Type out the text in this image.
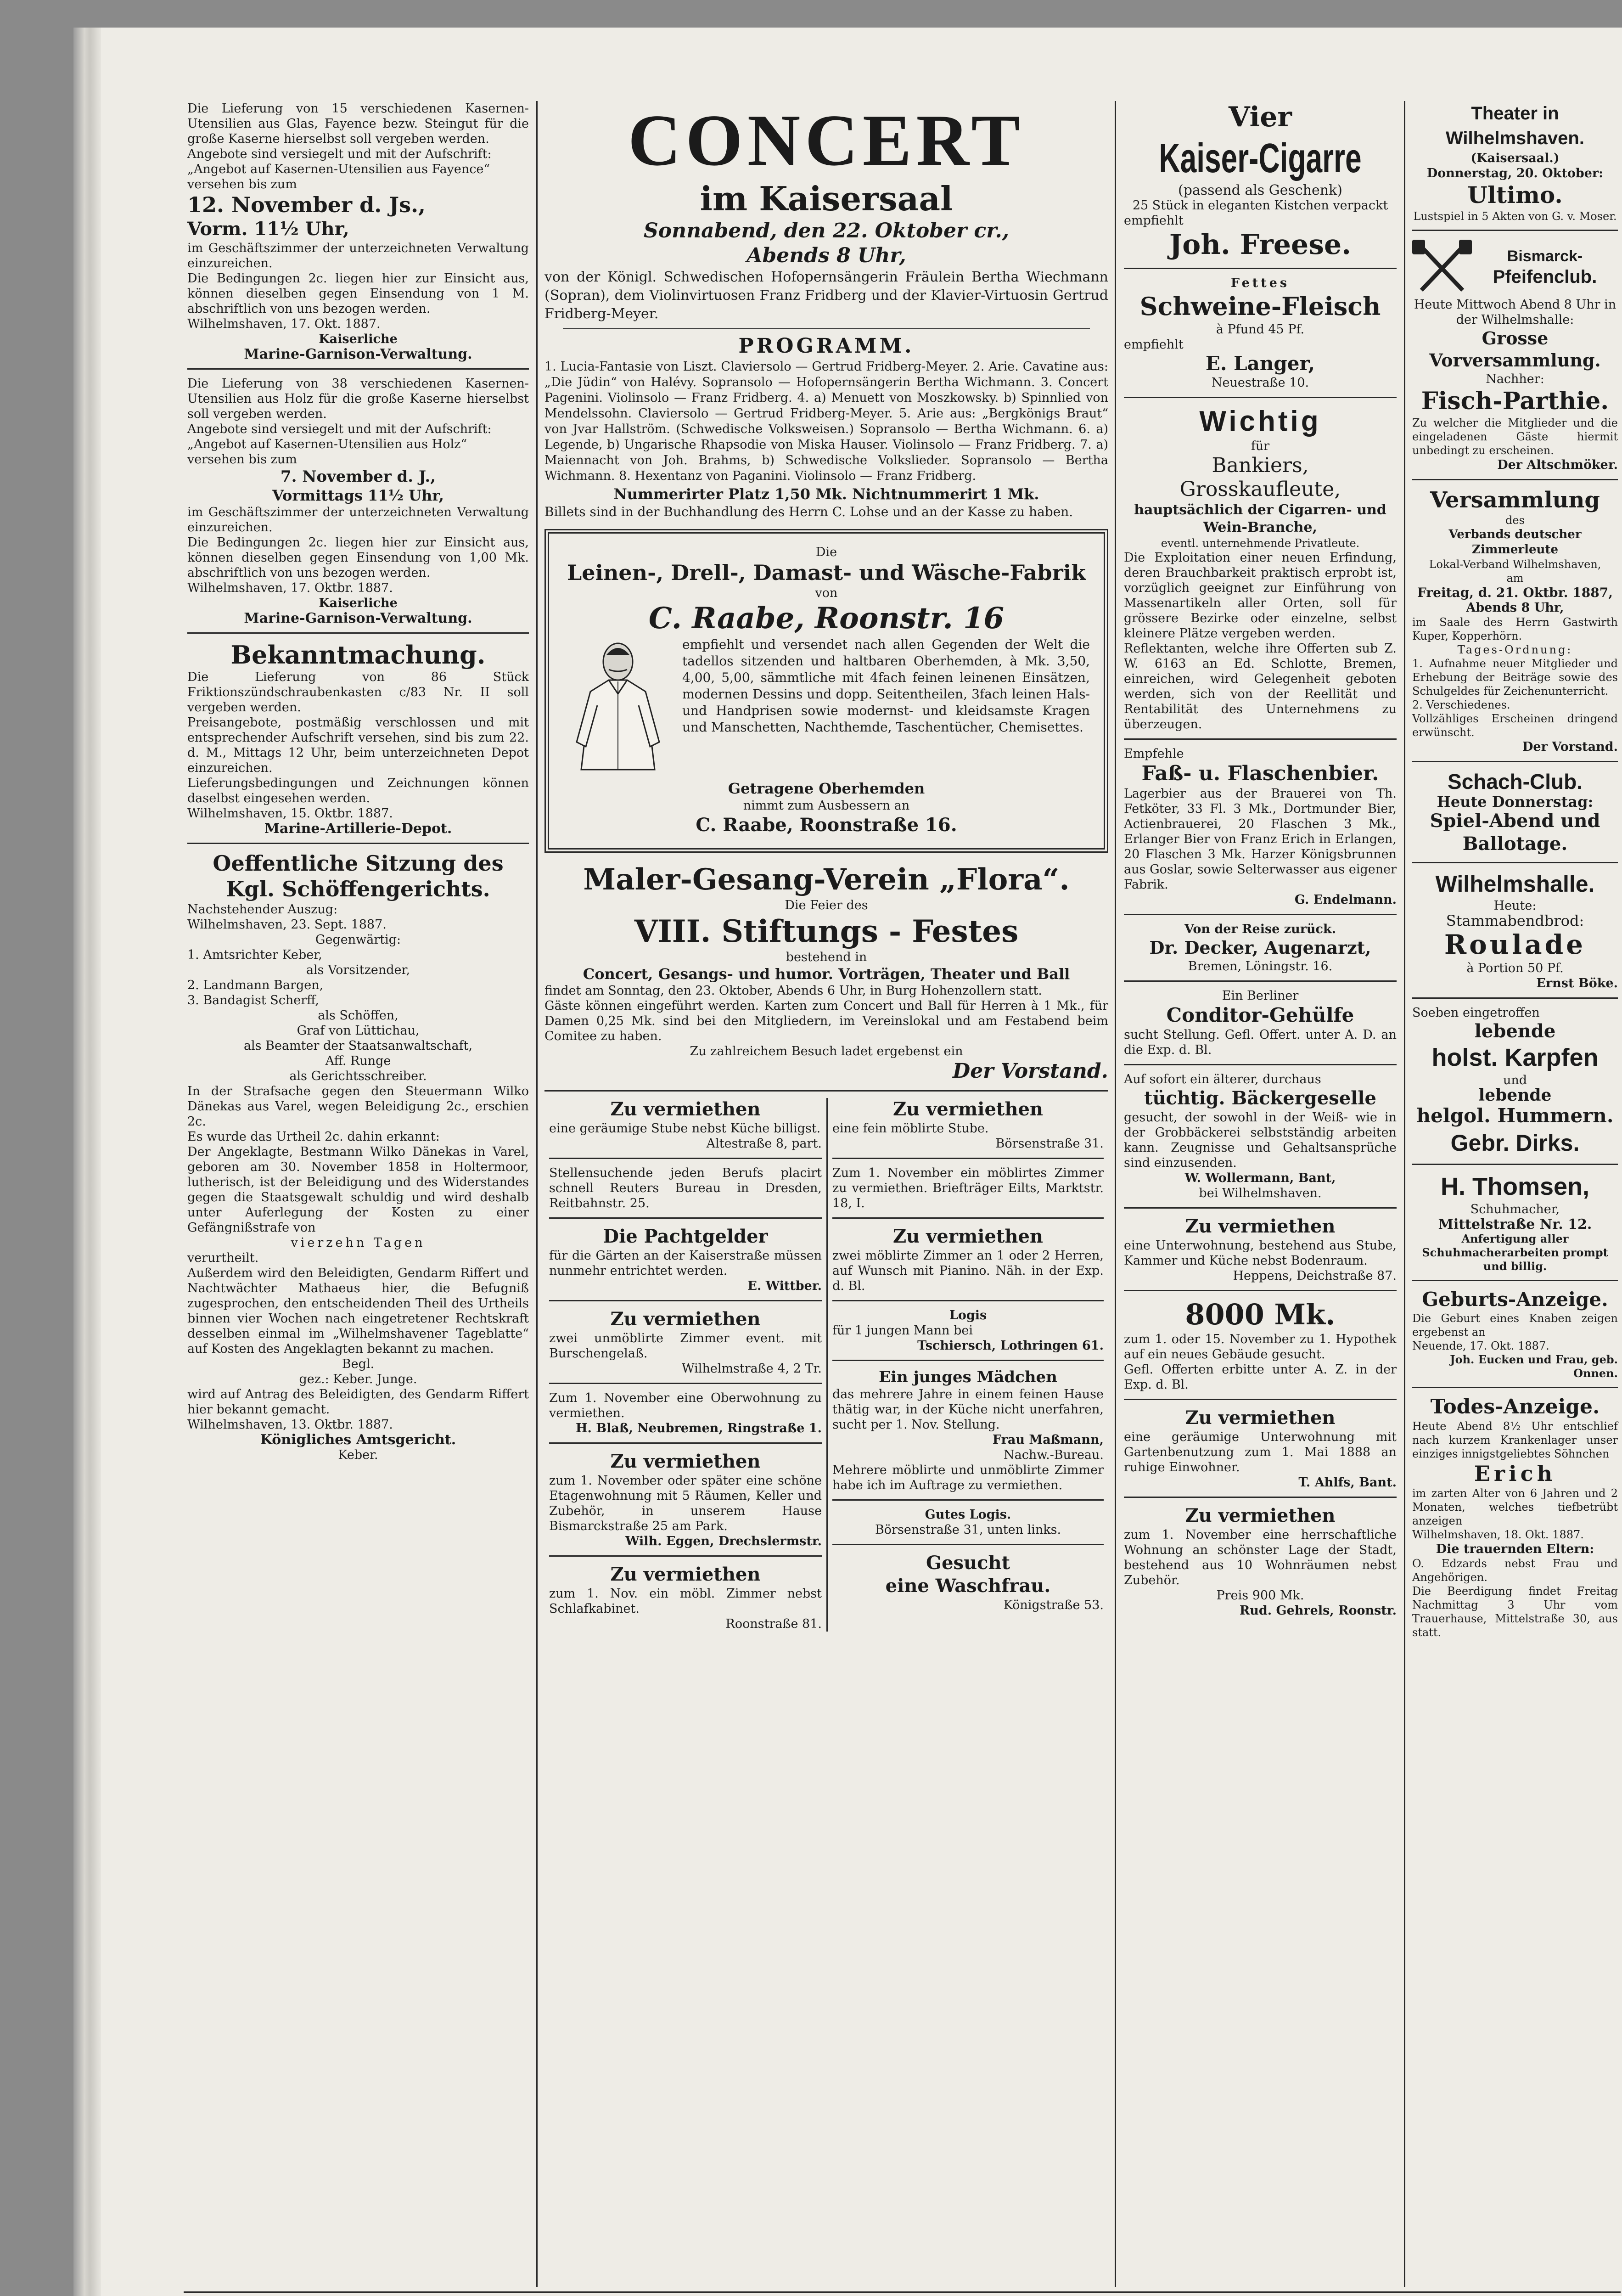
Die Lieferung von 15 verschiedenen Kasernen-Utensilien aus Glas, Fayence bezw. Steingut für die große Kaserne hierselbst soll vergeben werden.

Angebote sind versiegelt und mit der Aufschrift:

„Angebot auf Kasernen-Utensilien aus Fayence“

versehen bis zum

12. November d. Js.,

Vorm. 11½ Uhr,

im Geschäftszimmer der unterzeichneten Verwaltung einzureichen.

Die Bedingungen 2c. liegen hier zur Einsicht aus, können dieselben gegen Einsendung von 1 M. abschriftlich von uns bezogen werden.

Wilhelmshaven, 17. Okt. 1887.

Kaiserliche

Marine-Garnison-Verwaltung.

Die Lieferung von 38 verschiedenen Kasernen-Utensilien aus Holz für die große Kaserne hierselbst soll vergeben werden.

Angebote sind versiegelt und mit der Aufschrift:

„Angebot auf Kasernen-Utensilien aus Holz“

versehen bis zum

7. November d. J.,

Vormittags 11½ Uhr,

im Geschäftszimmer der unterzeichneten Verwaltung einzureichen.

Die Bedingungen 2c. liegen hier zur Einsicht aus, können dieselben gegen Einsendung von 1,00 Mk. abschriftlich von uns bezogen werden.

Wilhelmshaven, 17. Oktbr. 1887.

Kaiserliche

Marine-Garnison-Verwaltung.

Bekanntmachung.

Die Lieferung von 86 Stück Friktionszündschraubenkasten c/83 Nr. II soll vergeben werden.

Preisangebote, postmäßig verschlossen und mit entsprechender Aufschrift versehen, sind bis zum 22. d. M., Mittags 12 Uhr, beim unterzeichneten Depot einzureichen.

Lieferungsbedingungen und Zeichnungen können daselbst eingesehen werden.

Wilhelmshaven, 15. Oktbr. 1887.

Marine-Artillerie-Depot.

Oeffentliche Sitzung des Kgl. Schöffengerichts.

Nachstehender Auszug:

Wilhelmshaven, 23. Sept. 1887.

Gegenwärtig:

1. Amtsrichter Keber,

als Vorsitzender,

2. Landmann Bargen,

3. Bandagist Scherff,

als Schöffen,

Graf von Lüttichau,

als Beamter der Staatsanwaltschaft,

Aff. Runge

als Gerichtsschreiber.

In der Strafsache gegen den Steuermann Wilko Dänekas aus Varel, wegen Beleidigung 2c., erschien 2c.

Es wurde das Urtheil 2c. dahin erkannt:

Der Angeklagte, Bestmann Wilko Dänekas in Varel, geboren am 30. November 1858 in Holtermoor, lutherisch, ist der Beleidigung und des Widerstandes gegen die Staatsgewalt schuldig und wird deshalb unter Auferlegung der Kosten zu einer Gefängnißstrafe von

vierzehn Tagen

verurtheilt.

Außerdem wird den Beleidigten, Gendarm Riffert und Nachtwächter Mathaeus hier, die Befugniß zugesprochen, den entscheidenden Theil des Urtheils binnen vier Wochen nach eingetretener Rechtskraft desselben einmal im „Wilhelmshavener Tageblatte“ auf Kosten des Angeklagten bekannt zu machen.

Begl.

gez.: Keber. Junge.

wird auf Antrag des Beleidigten, des Gendarm Riffert hier bekannt gemacht.

Wilhelmshaven, 13. Oktbr. 1887.

Königliches Amtsgericht.

Keber.

CONCERT

im Kaisersaal

Sonnabend, den 22. Oktober cr.,

Abends 8 Uhr,

von der Königl. Schwedischen Hofopernsängerin Fräulein Bertha Wiechmann (Sopran), dem Violinvirtuosen Franz Fridberg und der Klavier-Virtuosin Gertrud Fridberg-Meyer.

PROGRAMM.

1. Lucia-Fantasie von Liszt. Claviersolo — Gertrud Fridberg-Meyer. 2. Arie. Cavatine aus: „Die Jüdin“ von Halévy. Sopransolo — Hofopernsängerin Bertha Wichmann. 3. Concert Pagenini. Violinsolo — Franz Fridberg. 4. a) Menuett von Moszkowsky. b) Spinnlied von Mendelssohn. Claviersolo — Gertrud Fridberg-Meyer. 5. Arie aus: „Bergkönigs Braut“ von Jvar Hallström. (Schwedische Volksweisen.) Sopransolo — Bertha Wichmann. 6. a) Legende, b) Ungarische Rhapsodie von Miska Hauser. Violinsolo — Franz Fridberg. 7. a) Maiennacht von Joh. Brahms, b) Schwedische Volkslieder. Sopransolo — Bertha Wichmann. 8. Hexentanz von Paganini. Violinsolo — Franz Fridberg.

Nummerirter Platz 1,50 Mk. Nichtnummerirt 1 Mk.

Billets sind in der Buchhandlung des Herrn C. Lohse und an der Kasse zu haben.

Die

Leinen-, Drell-, Damast- und Wäsche-Fabrik

von

C. Raabe, Roonstr. 16

empfiehlt und versendet nach allen Gegenden der Welt die tadellos sitzenden und haltbaren Oberhemden, à Mk. 3,50, 4,00, 5,00, sämmtliche mit 4fach feinen leinenen Einsätzen, modernen Dessins und dopp. Seitentheilen, 3fach leinen Hals- und Handprisen sowie modernst- und kleidsamste Kragen und Manschetten, Nachthemde, Taschentücher, Chemisettes.

Getragene Oberhemden

nimmt zum Ausbessern an

C. Raabe, Roonstraße 16.

Maler-Gesang-Verein „Flora“.

Die Feier des

VIII. Stiftungs - Festes

bestehend in

Concert, Gesangs- und humor. Vorträgen, Theater und Ball

findet am Sonntag, den 23. Oktober, Abends 6 Uhr, in Burg Hohenzollern statt.

Gäste können eingeführt werden. Karten zum Concert und Ball für Herren à 1 Mk., für Damen 0,25 Mk. sind bei den Mitgliedern, im Vereinslokal und am Festabend beim Comitee zu haben.

Zu zahlreichem Besuch ladet ergebenst ein

Der Vorstand.

Zu vermiethen

eine geräumige Stube nebst Küche billigst.

Altestraße 8, part.

Stellensuchende jeden Berufs placirt schnell Reuters Bureau in Dresden, Reitbahnstr. 25.

Die Pachtgelder

für die Gärten an der Kaiserstraße müssen nunmehr entrichtet werden.

E. Wittber.

Zu vermiethen

zwei unmöblirte Zimmer event. mit Burschengelaß.

Wilhelmstraße 4, 2 Tr.

Zum 1. November eine Oberwohnung zu vermiethen.

H. Blaß, Neubremen, Ringstraße 1.

Zu vermiethen

zum 1. November oder später eine schöne Etagenwohnung mit 5 Räumen, Keller und Zubehör, in unserem Hause Bismarckstraße 25 am Park.

Wilh. Eggen, Drechslermstr.

Zu vermiethen

zum 1. Nov. ein möbl. Zimmer nebst Schlafkabinet.

Roonstraße 81.

Zu vermiethen

eine fein möblirte Stube.

Börsenstraße 31.

Zum 1. November ein möblirtes Zimmer zu vermiethen. Briefträger Eilts, Marktstr. 18, I.

Zu vermiethen

zwei möblirte Zimmer an 1 oder 2 Herren, auf Wunsch mit Pianino. Näh. in der Exp. d. Bl.

Logis

für 1 jungen Mann bei

Tschiersch, Lothringen 61.

Ein junges Mädchen

das mehrere Jahre in einem feinen Hause thätig war, in der Küche nicht unerfahren, sucht per 1. Nov. Stellung.

Frau Maßmann,

Nachw.-Bureau.

Mehrere möblirte und unmöblirte Zimmer habe ich im Auftrage zu vermiethen.

Gutes Logis.

Börsenstraße 31, unten links.

Gesucht

eine Waschfrau.

Königstraße 53.

Vier

Kaiser-Cigarre

(passend als Geschenk)

25 Stück in eleganten Kistchen verpackt

empfiehlt

Joh. Freese.

Fettes

Schweine-Fleisch

à Pfund 45 Pf.

empfiehlt

E. Langer,

Neuestraße 10.

Wichtig

für

Bankiers,

Grosskaufleute,

hauptsächlich der Cigarren- und Wein-Branche,

eventl. unternehmende Privatleute.

Die Exploitation einer neuen Erfindung, deren Brauchbarkeit praktisch erprobt ist, vorzüglich geeignet zur Einführung von Massenartikeln aller Orten, soll für grössere Bezirke oder einzelne, selbst kleinere Plätze vergeben werden.

Reflektanten, welche ihre Offerten sub Z. W. 6163 an Ed. Schlotte, Bremen, einreichen, wird Gelegenheit geboten werden, sich von der Reellität und Rentabilität des Unternehmens zu überzeugen.

Empfehle

Faß- u. Flaschenbier.

Lagerbier aus der Brauerei von Th. Fetköter, 33 Fl. 3 Mk., Dortmunder Bier, Actienbrauerei, 20 Flaschen 3 Mk., Erlanger Bier von Franz Erich in Erlangen, 20 Flaschen 3 Mk. Harzer Königsbrunnen aus Goslar, sowie Selterwasser aus eigener Fabrik.

G. Endelmann.

Von der Reise zurück.

Dr. Decker, Augenarzt,

Bremen, Löningstr. 16.

Ein Berliner

Conditor-Gehülfe

sucht Stellung. Gefl. Offert. unter A. D. an die Exp. d. Bl.

Auf sofort ein älterer, durchaus

tüchtig. Bäckergeselle

gesucht, der sowohl in der Weiß- wie in der Grobbäckerei selbstständig arbeiten kann. Zeugnisse und Gehaltsansprüche sind einzusenden.

W. Wollermann, Bant,

bei Wilhelmshaven.

Zu vermiethen

eine Unterwohnung, bestehend aus Stube, Kammer und Küche nebst Bodenraum.

Heppens, Deichstraße 87.

8000 Mk.

zum 1. oder 15. November zu 1. Hypothek auf ein neues Gebäude gesucht.

Gefl. Offerten erbitte unter A. Z. in der Exp. d. Bl.

Zu vermiethen

eine geräumige Unterwohnung mit Gartenbenutzung zum 1. Mai 1888 an ruhige Einwohner.

T. Ahlfs, Bant.

Zu vermiethen

zum 1. November eine herrschaftliche Wohnung an schönster Lage der Stadt, bestehend aus 10 Wohnräumen nebst Zubehör.

Preis 900 Mk.

Rud. Gehrels, Roonstr.

Theater in Wilhelmshaven.

(Kaisersaal.)

Donnerstag, 20. Oktober:

Ultimo.

Lustspiel in 5 Akten von G. v. Moser.

Bismarck-

Pfeifenclub.

Heute Mittwoch Abend 8 Uhr in der Wilhelmshalle:

Grosse Vorversammlung.

Nachher:

Fisch-Parthie.

Zu welcher die Mitglieder und die eingeladenen Gäste hiermit unbedingt zu erscheinen.

Der Altschmöker.

Versammlung

des

Verbands deutscher Zimmerleute

Lokal-Verband Wilhelmshaven,

am

Freitag, d. 21. Oktbr. 1887,

Abends 8 Uhr,

im Saale des Herrn Gastwirth Kuper, Kopperhörn.

Tages-Ordnung:

1. Aufnahme neuer Mitglieder und Erhebung der Beiträge sowie des Schulgeldes für Zeichenunterricht.

2. Verschiedenes.

Vollzähliges Erscheinen dringend erwünscht.

Der Vorstand.

Schach-Club.

Heute Donnerstag:

Spiel-Abend und Ballotage.

Wilhelmshalle.

Heute:

Stammabendbrod:

Roulade

à Portion 50 Pf.

Ernst Böke.

Soeben eingetroffen

lebende

holst. Karpfen

und

lebende

helgol. Hummern.

Gebr. Dirks.

H. Thomsen,

Schuhmacher,

Mittelstraße Nr. 12.

Anfertigung aller Schuhmacherarbeiten prompt und billig.

Geburts-Anzeige.

Die Geburt eines Knaben zeigen ergebenst an

Neuende, 17. Okt. 1887.

Joh. Eucken und Frau, geb. Onnen.

Todes-Anzeige.

Heute Abend 8½ Uhr entschlief nach kurzem Krankenlager unser einziges innigstgeliebtes Söhnchen

Erich

im zarten Alter von 6 Jahren und 2 Monaten, welches tiefbetrübt anzeigen

Wilhelmshaven, 18. Okt. 1887.

Die trauernden Eltern:

O. Edzards nebst Frau und Angehörigen.

Die Beerdigung findet Freitag Nachmittag 3 Uhr vom Trauerhause, Mittelstraße 30, aus statt.
